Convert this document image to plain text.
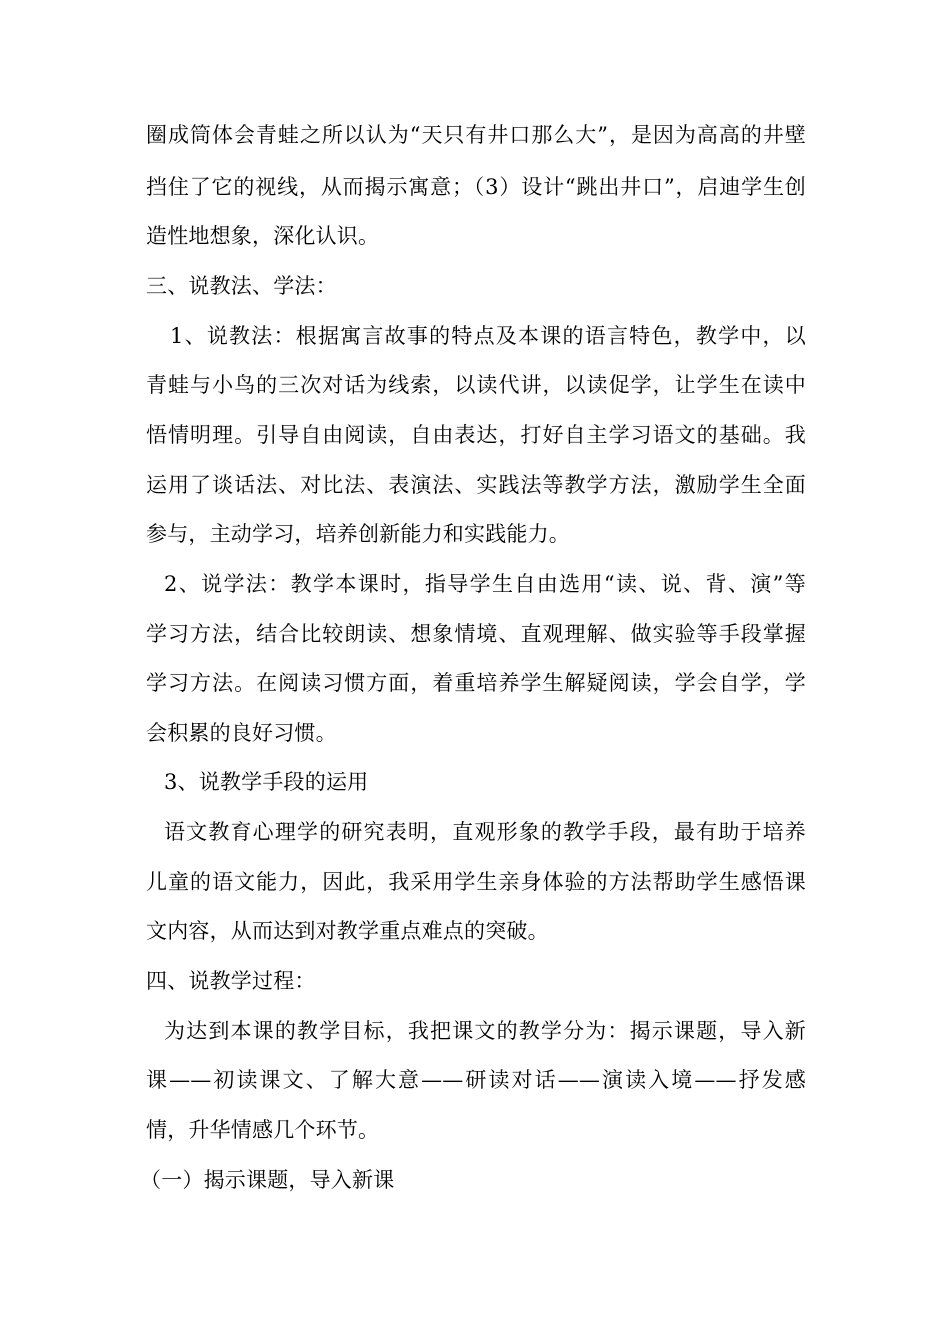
圈成筒体会青蛙之所以认为“天只有井口那么大”，是因为高高的井壁
挡住了它的视线，从而揭示寓意；（3）设计“跳出井口”，启迪学生创
造性地想象，深化认识。
三、说教法、学法：
1、说教法：根据寓言故事的特点及本课的语言特色，教学中，以
青蛙与小鸟的三次对话为线索，以读代讲，以读促学，让学生在读中
悟情明理。引导自由阅读，自由表达，打好自主学习语文的基础。我
运用了谈话法、对比法、表演法、实践法等教学方法，激励学生全面
参与，主动学习，培养创新能力和实践能力。
2、说学法：教学本课时，指导学生自由选用“读、说、背、演”等
学习方法，结合比较朗读、想象情境、直观理解、做实验等手段掌握
学习方法。在阅读习惯方面，着重培养学生解疑阅读，学会自学，学
会积累的良好习惯。
3、说教学手段的运用
语文教育心理学的研究表明，直观形象的教学手段，最有助于培养
儿童的语文能力，因此，我采用学生亲身体验的方法帮助学生感悟课
文内容，从而达到对教学重点难点的突破。
四、说教学过程：
为达到本课的教学目标，我把课文的教学分为：揭示课题，导入新
课——初读课文、了解大意——研读对话——演读入境——抒发感
情，升华情感几个环节。
（一）揭示课题，导入新课
